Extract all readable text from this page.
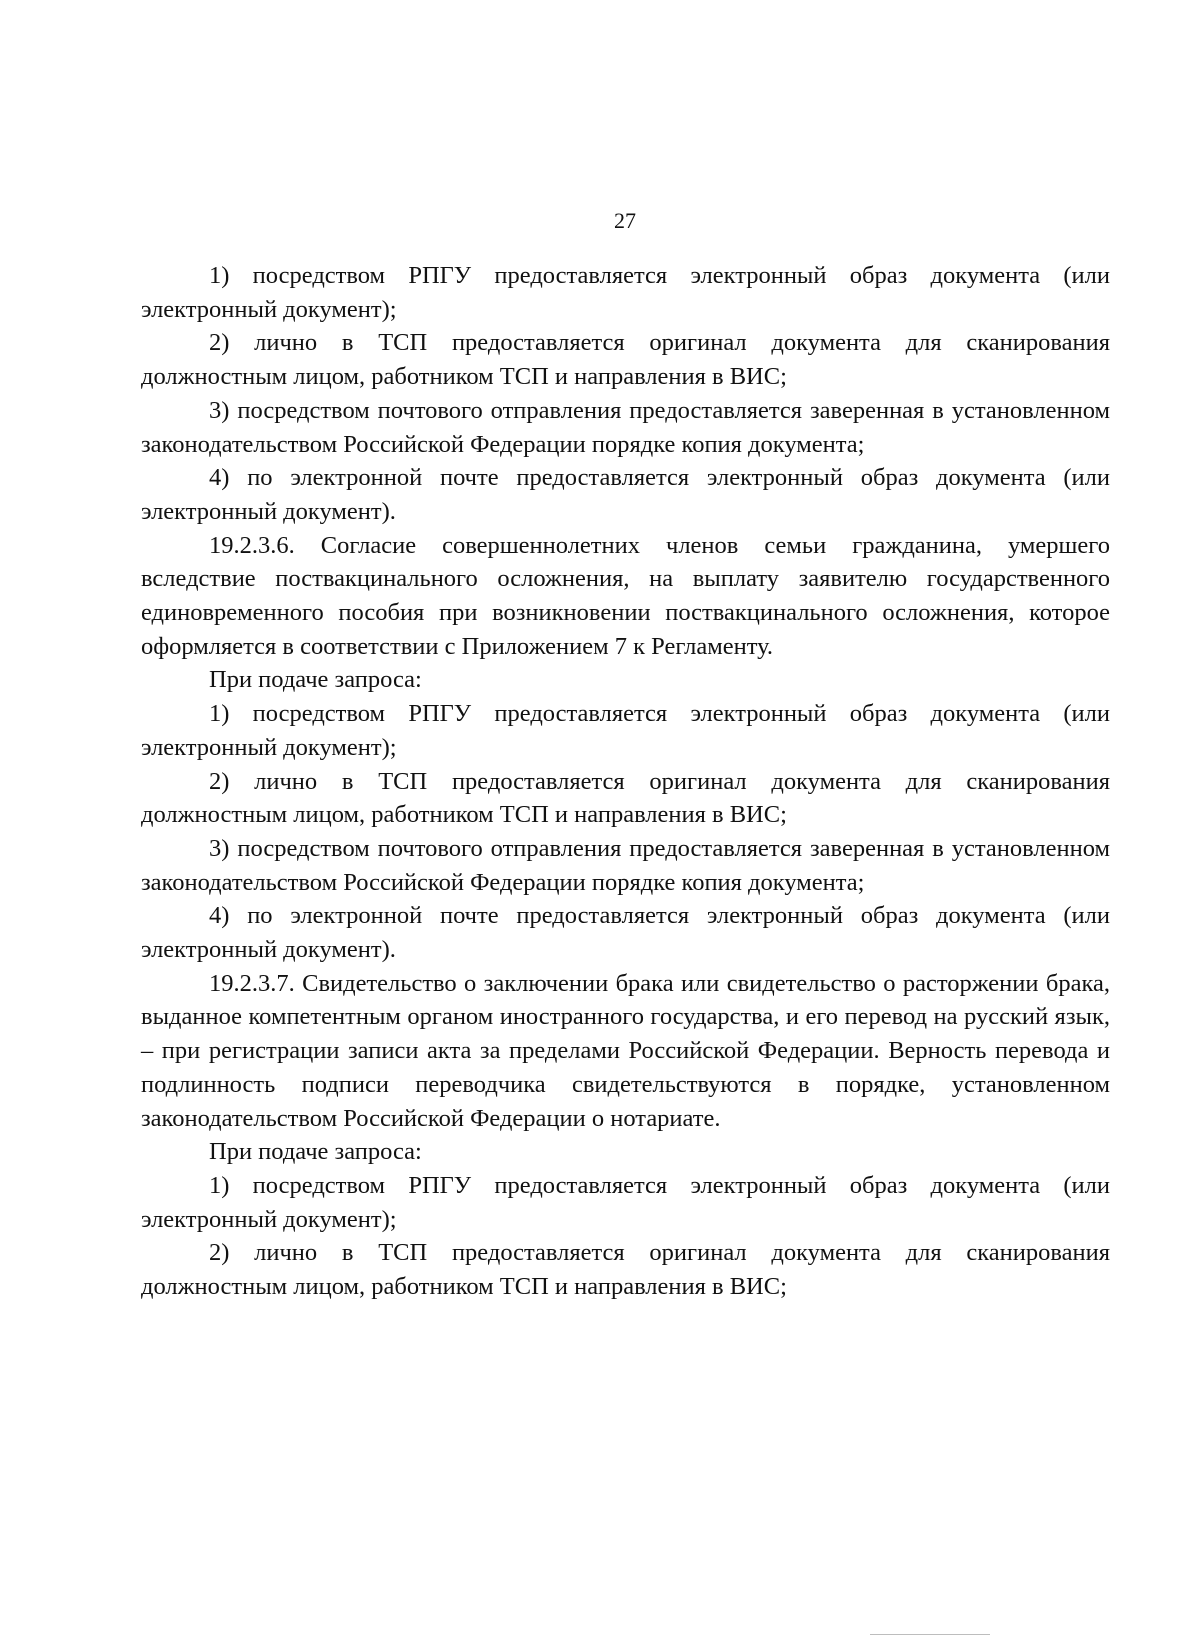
27

1) посредством РПГУ предоставляется электронный образ документа (или электронный документ);

2) лично в ТСП предоставляется оригинал документа для сканирования должностным лицом, работником ТСП и направления в ВИС;

3) посредством почтового отправления предоставляется заверенная в установленном законодательством Российской Федерации порядке копия документа;

4) по электронной почте предоставляется электронный образ документа (или электронный документ).

19.2.3.6. Согласие совершеннолетних членов семьи гражданина, умершего вследствие поствакцинального осложнения, на выплату заявителю государственного единовременного пособия при возникновении поствакцинального осложнения, которое оформляется в соответствии с Приложением 7 к Регламенту.

При подаче запроса:

1) посредством РПГУ предоставляется электронный образ документа (или электронный документ);

2) лично в ТСП предоставляется оригинал документа для сканирования должностным лицом, работником ТСП и направления в ВИС;

3) посредством почтового отправления предоставляется заверенная в установленном законодательством Российской Федерации порядке копия документа;

4) по электронной почте предоставляется электронный образ документа (или электронный документ).

19.2.3.7. Свидетельство о заключении брака или свидетельство о расторжении брака, выданное компетентным органом иностранного государства, и его перевод на русский язык, – при регистрации записи акта за пределами Российской Федерации. Верность перевода и подлинность подписи переводчика свидетельствуются в порядке, установленном законодательством Российской Федерации о нотариате.

При подаче запроса:

1) посредством РПГУ предоставляется электронный образ документа (или электронный документ);

2) лично в ТСП предоставляется оригинал документа для сканирования должностным лицом, работником ТСП и направления в ВИС;
